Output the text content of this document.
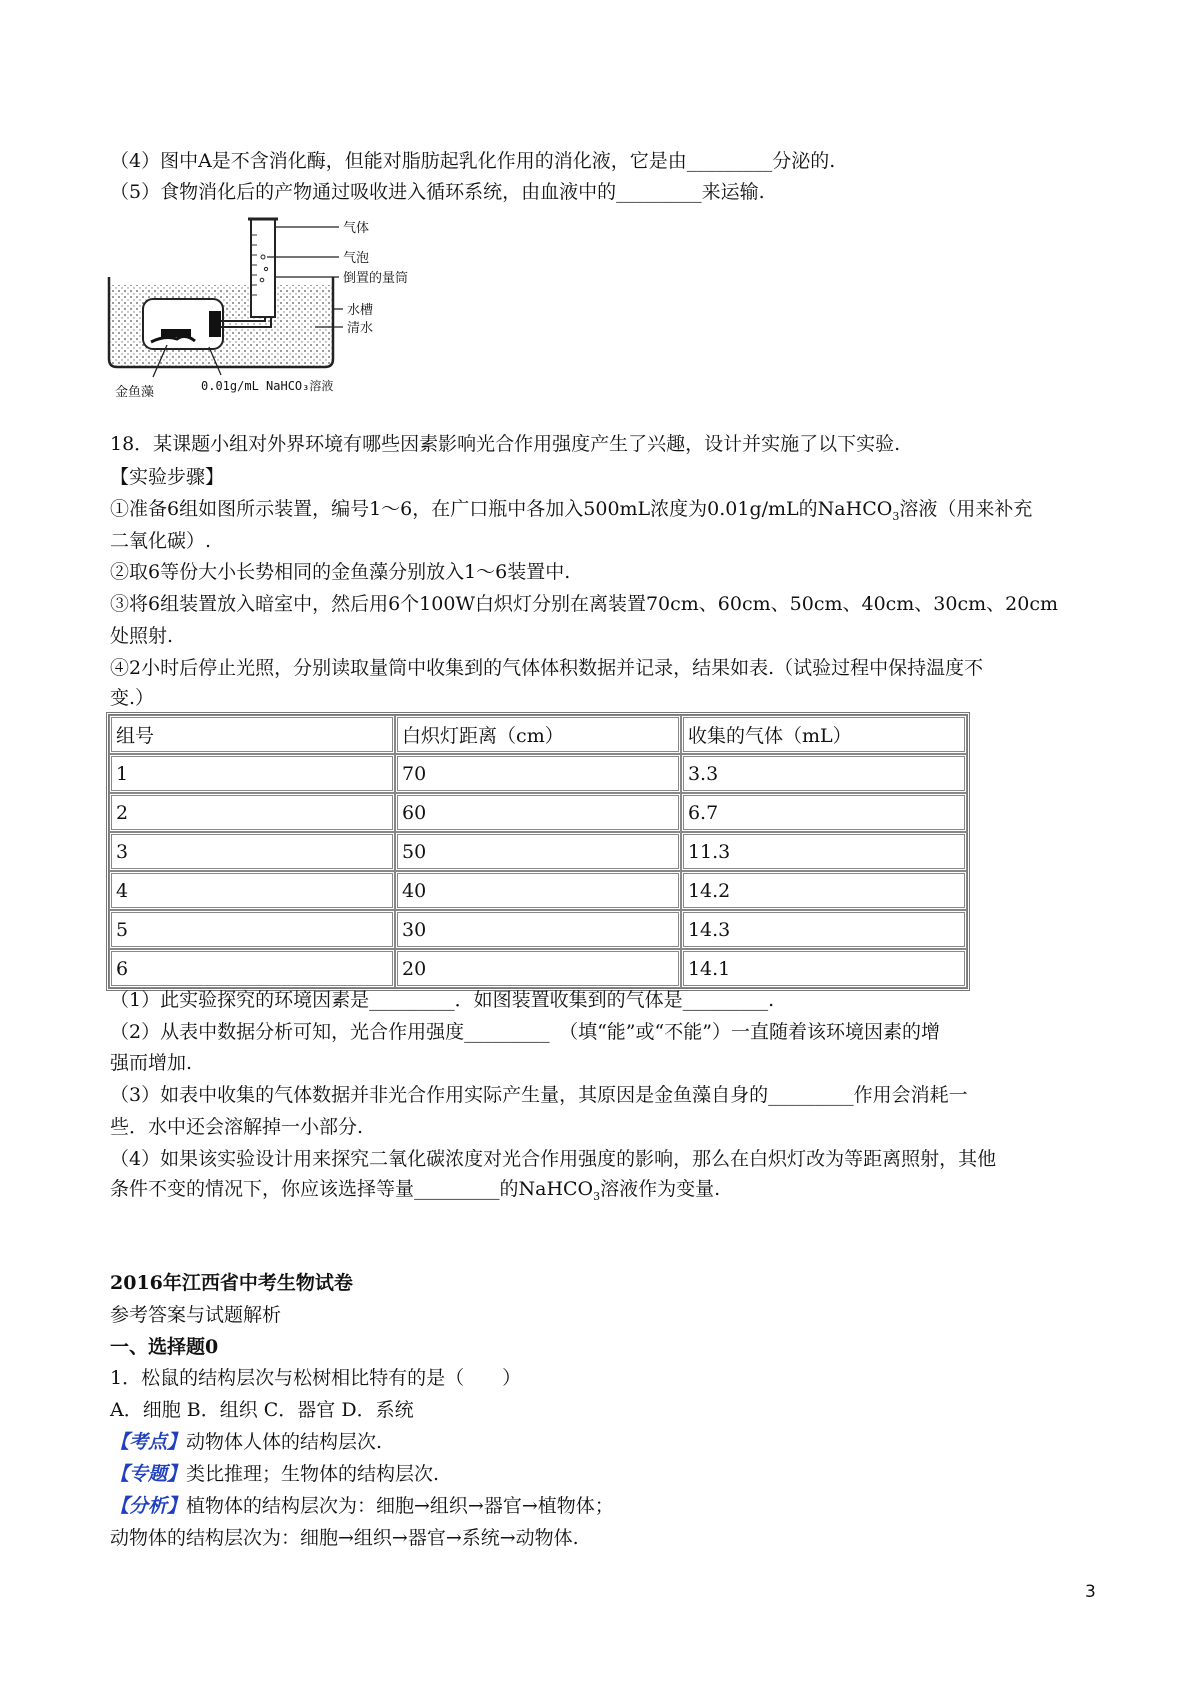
（4）图中A是不含消化酶，但能对脂肪起乳化作用的消化液，它是由_________分泌的.
（5）食物消化后的产物通过吸收进入循环系统，由血液中的_________来运输.
气体
气泡
倒置的量筒
水槽
清水
金鱼藻	0.01g/mL NaHCO₃溶液
18．某课题小组对外界环境有哪些因素影响光合作用强度产生了兴趣，设计并实施了以下实验.
【实验步骤】
①准备6组如图所示装置，编号1～6，在广口瓶中各加入500mL浓度为0.01g/mL的NaHCO$_3$溶液（用来补充
二氧化碳）.
②取6等份大小长势相同的金鱼藻分别放入1～6装置中.
③将6组装置放入暗室中，然后用6个100W白炽灯分别在离装置70cm、60cm、50cm、40cm、30cm、20cm
处照射.
④2小时后停止光照，分别读取量筒中收集到的气体体积数据并记录，结果如表.（试验过程中保持温度不
变.）
组号	白炽灯距离（cm）	收集的气体（mL）
1	70	3.3
2	60	6.7
3	50	11.3
4	40	14.2
5	30	14.3
6	20	14.1
（1）此实验探究的环境因素是_________．如图装置收集到的气体是_________.
（2）从表中数据分析可知，光合作用强度_________　（填“能”或“不能”）一直随着该环境因素的增
强而增加.
（3）如表中收集的气体数据并非光合作用实际产生量，其原因是金鱼藻自身的_________作用会消耗一
些．水中还会溶解掉一小部分.
（4）如果该实验设计用来探究二氧化碳浓度对光合作用强度的影响，那么在白炽灯改为等距离照射，其他
条件不变的情况下，你应该选择等量_________的NaHCO$_3$溶液作为变量.
2016年江西省中考生物试卷
参考答案与试题解析
一、选择题0
1．松鼠的结构层次与松树相比特有的是（　　）
A．细胞 B．组织 C．器官 D．系统
【考点】动物体人体的结构层次.
【专题】类比推理；生物体的结构层次.
【分析】植物体的结构层次为：细胞→组织→器官→植物体；
动物体的结构层次为：细胞→组织→器官→系统→动物体.
3
